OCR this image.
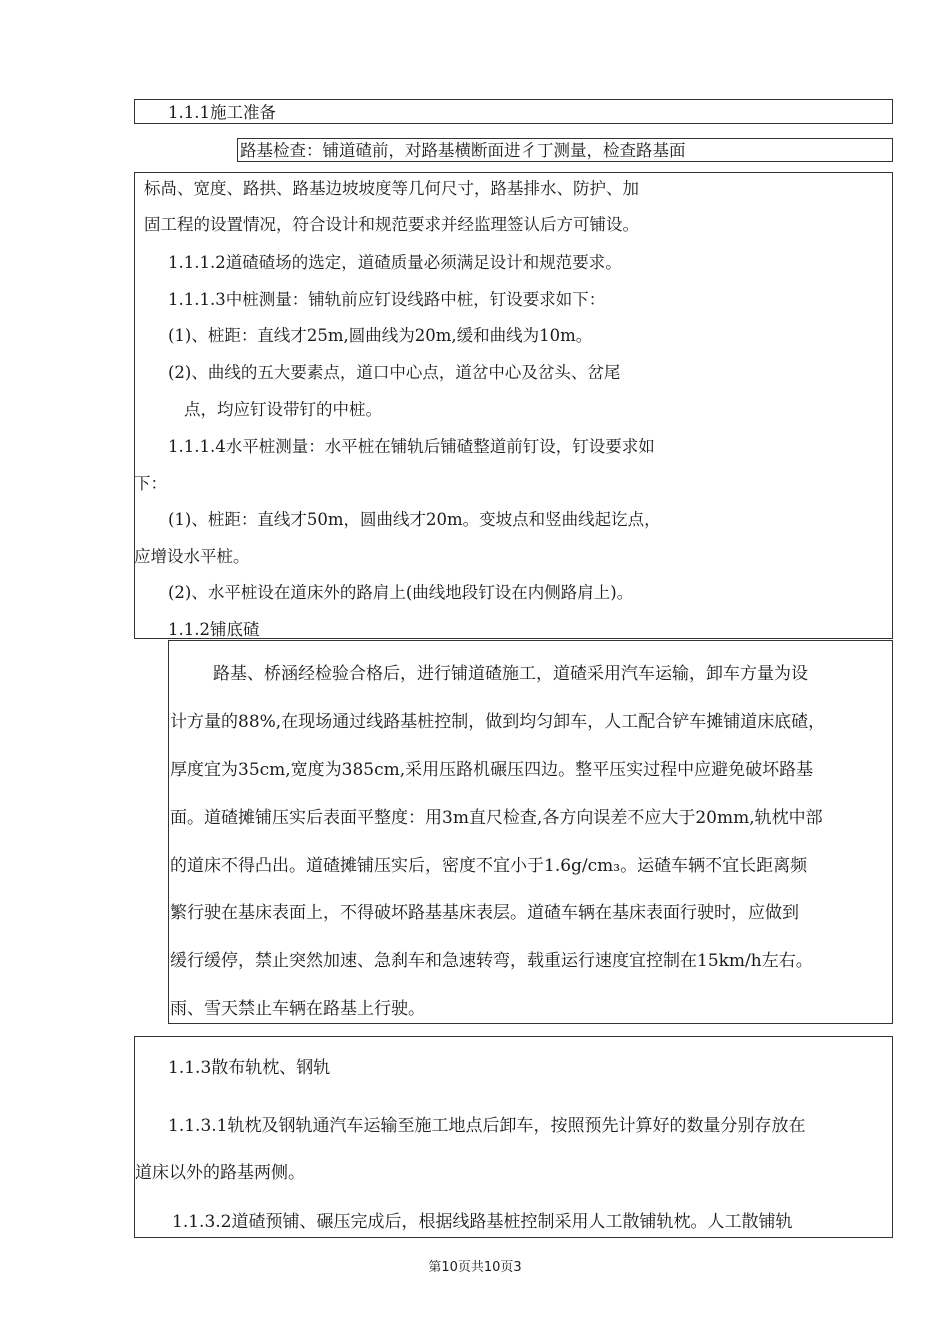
1.1.1施工准备
路基检查：铺道碴前，对路基横断面进彳丁测量，检查路基面
标咼、宽度、路拱、路基边坡坡度等几何尺寸，路基排水、防护、加
固工程的设置情况，符合设计和规范要求并经监理签认后方可铺设。
1.1.1.2道碴碴场的选定，道碴质量必须满足设计和规范要求。
1.1.1.3中桩测量：铺轨前应钉设线路中桩，钉设要求如下：
(1)、桩距：直线才25m,圆曲线为20m,缓和曲线为10m。
(2)、曲线的五大要素点，道口中心点，道岔中心及岔头、岔尾
点，均应钉设带钉的中桩。
1.1.1.4水平桩测量：水平桩在铺轨后铺碴整道前钉设，钉设要求如
下：
(1)、桩距：直线才50m，圆曲线才20m。变坡点和竖曲线起讫点，
应增设水平桩。
(2)、水平桩设在道床外的路肩上(曲线地段钉设在内侧路肩上)。
1.1.2铺底碴
路基、桥涵经检验合格后，进行铺道碴施工，道碴采用汽车运输，卸车方量为设
计方量的88%,在现场通过线路基桩控制，做到均匀卸车，人工配合铲车摊铺道床底碴，
厚度宜为35cm,宽度为385cm,采用压路机碾压四边。整平压实过程中应避免破坏路基
面。道碴摊铺压实后表面平整度：用3m直尺检查,各方向误差不应大于20mm,轨枕中部
的道床不得凸出。道碴摊铺压实后，密度不宜小于1.6g/cm₃。运碴车辆不宜长距离频
繁行驶在基床表面上，不得破坏路基基床表层。道碴车辆在基床表面行驶时，应做到
缓行缓停，禁止突然加速、急刹车和急速转弯，载重运行速度宜控制在15km/h左右。
雨、雪天禁止车辆在路基上行驶。
1.1.3散布轨枕、钢轨
1.1.3.1轨枕及钢轨通汽车运输至施工地点后卸车，按照预先计算好的数量分别存放在
道床以外的路基两侧。
1.1.3.2道碴预铺、碾压完成后，根据线路基桩控制采用人工散铺轨枕。人工散铺轨
第10页共10页3
